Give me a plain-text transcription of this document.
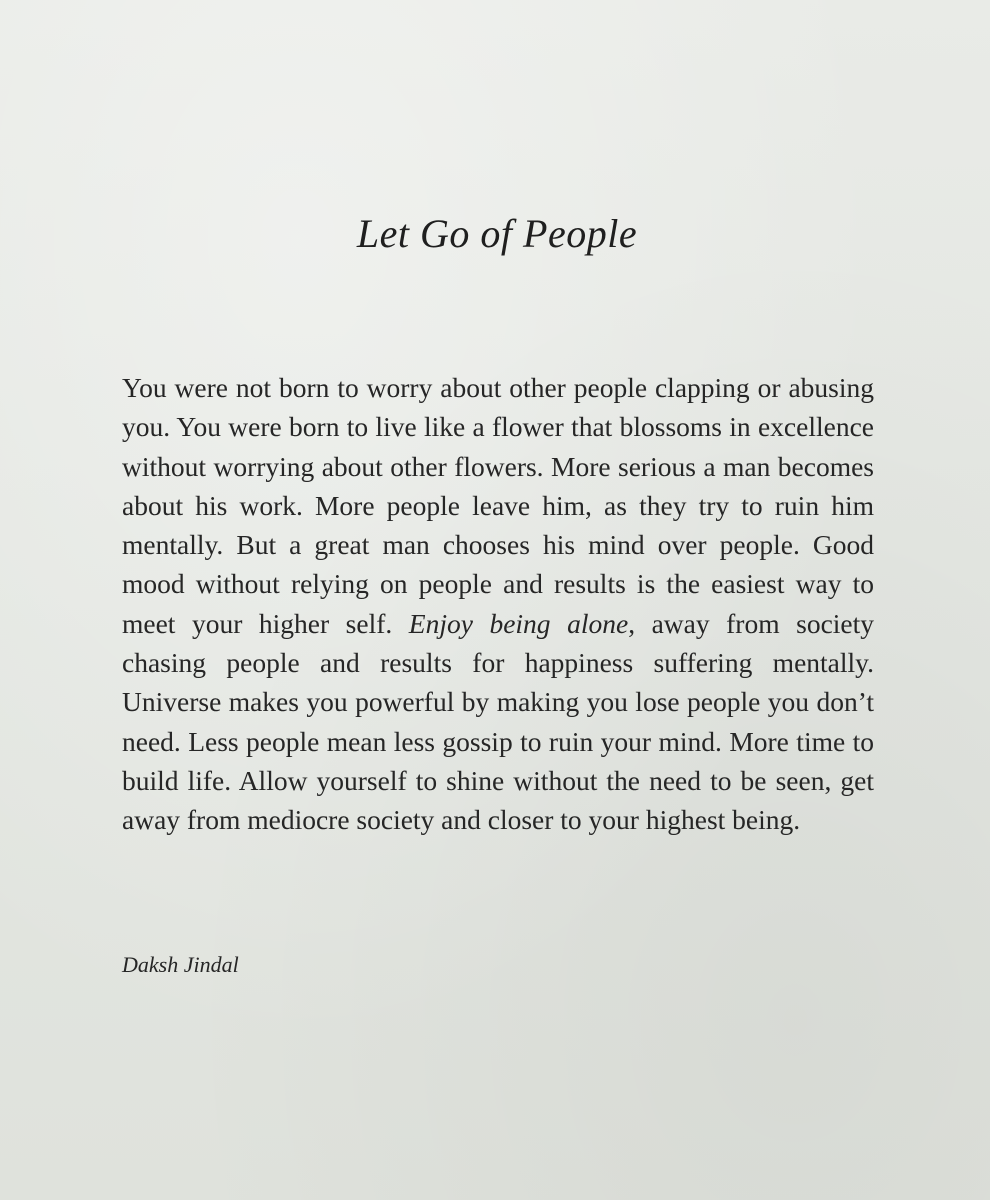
Let Go of People

You were not born to worry about other people clapping or abusing you. You were born to live like a flower that blossoms in excellence without worrying about other flowers. More serious a man becomes about his work. More people leave him, as they try to ruin him mentally. But a great man chooses his mind over people. Good mood without relying on people and results is the easiest way to meet your higher self. Enjoy being alone, away from society chasing people and results for happiness suffering mentally. Universe makes you powerful by making you lose people you don’t need. Less people mean less gossip to ruin your mind. More time to build life. Allow yourself to shine without the need to be seen, get away from mediocre society and closer to your highest being.

Daksh Jindal
